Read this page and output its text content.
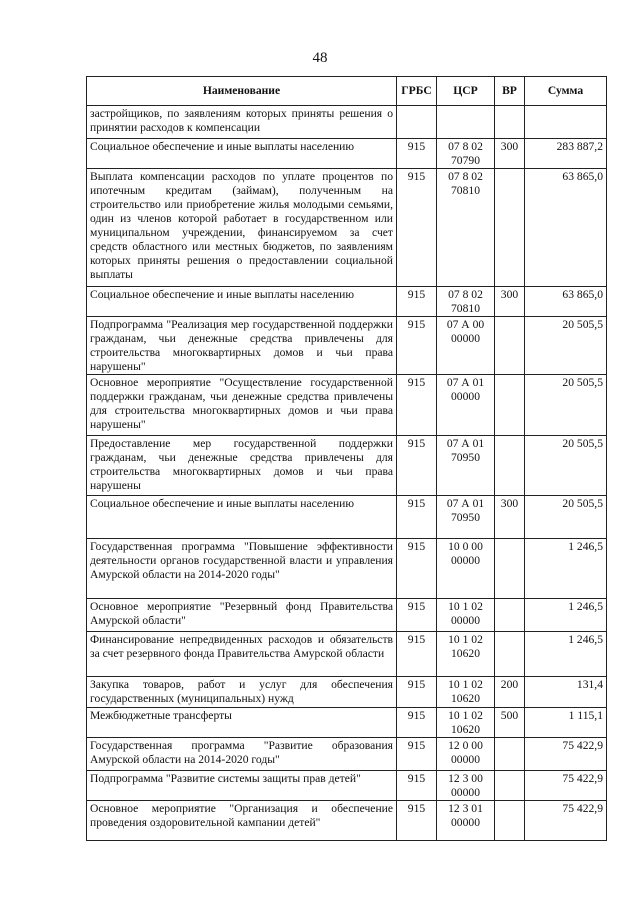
48
Наименование	ГРБС	ЦСР	ВР	Сумма
застройщиков, по заявлениям которых приняты решения о принятии расходов к компенсации				
Социальное обеспечение и иные выплаты населению	915	07 8 02 70790	300	283 887,2
Выплата компенсации расходов по уплате процентов по ипотечным кредитам (займам), полученным на строительство или приобретение жилья молодыми семьями, один из членов которой работает в государственном или муниципальном учреждении, финансируемом за счет средств областного или местных бюджетов, по заявлениям которых приняты решения о предоставлении социальной выплаты	915	07 8 02 70810		63 865,0
Социальное обеспечение и иные выплаты населению	915	07 8 02 70810	300	63 865,0
Подпрограмма "Реализация мер государственной поддержки гражданам, чьи денежные средства привлечены для строительства многоквартирных домов и чьи права нарушены"	915	07 А 00 00000		20 505,5
Основное мероприятие "Осуществление государственной поддержки гражданам, чьи денежные средства привлечены для строительства многоквартирных домов и чьи права нарушены"	915	07 А 01 00000		20 505,5
Предоставление мер государственной поддержки гражданам, чьи денежные средства привлечены для строительства многоквартирных домов и чьи права нарушены	915	07 А 01 70950		20 505,5
Социальное обеспечение и иные выплаты населению	915	07 А 01 70950	300	20 505,5
Государственная программа "Повышение эффективности деятельности органов государственной власти и управления Амурской области на 2014-2020 годы"	915	10 0 00 00000		1 246,5
Основное мероприятие "Резервный фонд Правительства Амурской области"	915	10 1 02 00000		1 246,5
Финансирование непредвиденных расходов и обязательств за счет резервного фонда Правительства Амурской области	915	10 1 02 10620		1 246,5
Закупка товаров, работ и услуг для обеспечения государственных (муниципальных) нужд	915	10 1 02 10620	200	131,4
Межбюджетные трансферты	915	10 1 02 10620	500	1 115,1
Государственная программа "Развитие образования Амурской области на 2014-2020 годы"	915	12 0 00 00000		75 422,9
Подпрограмма "Развитие системы защиты прав детей"	915	12 3 00 00000		75 422,9
Основное мероприятие "Организация и обеспечение проведения оздоровительной кампании детей"	915	12 3 01 00000		75 422,9
